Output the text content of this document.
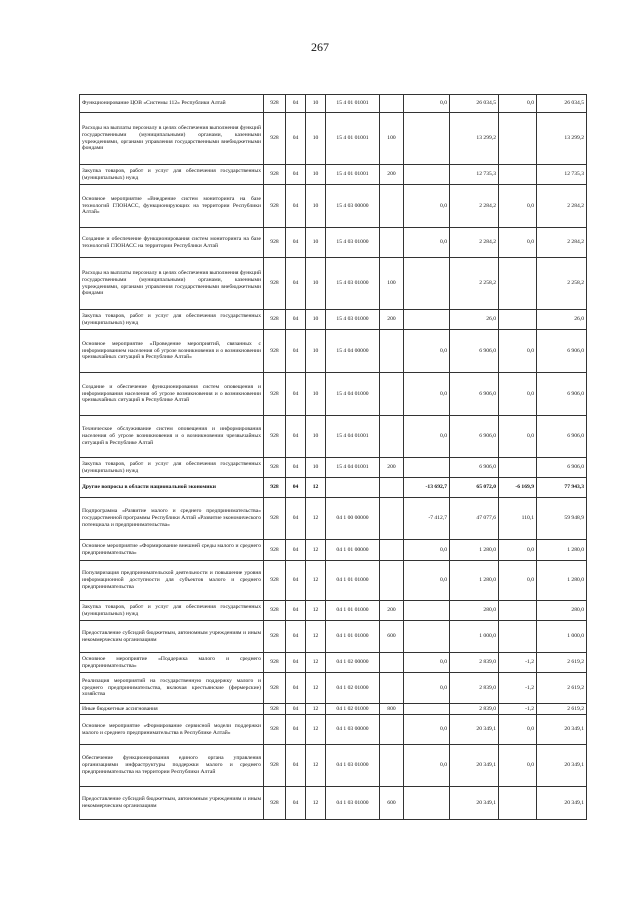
267
Функционирование ЦОВ «Системы 112» Республики Алтай	928	04	10	15 4 01 01001		0,0	26 034,5	0,0	26 034,5
Расходы на выплаты персоналу в целях обеспечения выполнения функций государственными (муниципальными) органами, казенными учреждениями, органами управления государственными внебюджетными фондами	928	04	10	15 4 01 01001	100		13 299,2		13 299,2
Закупка товаров, работ и услуг для обеспечения государственных (муниципальных) нужд	928	04	10	15 4 01 01001	200		12 735,3		12 735,3
Основное мероприятие «Внедрение систем мониторинга на базе технологий ГЛОНАСС, функционирующих на территории Республики Алтай»	928	04	10	15 4 03 00000		0,0	2 284,2	0,0	2 284,2
Создание и обеспечение функционирования систем мониторинга на базе технологий ГЛОНАСС на территории Республики Алтай	928	04	10	15 4 03 01000		0,0	2 284,2	0,0	2 284,2
Расходы на выплаты персоналу в целях обеспечения выполнения функций государственными (муниципальными) органами, казенными учреждениями, органами управления государственными внебюджетными фондами	928	04	10	15 4 03 01000	100		2 258,2		2 258,2
Закупка товаров, работ и услуг для обеспечения государственных (муниципальных) нужд	928	04	10	15 4 03 01000	200		26,0		26,0
Основное мероприятие «Проведение мероприятий, связанных с информированием населения об угрозе возникновения и о возникновении чрезвычайных ситуаций в Республике Алтай»	928	04	10	15 4 04 00000		0,0	6 906,0	0,0	6 906,0
Создание и обеспечение функционирования систем оповещения и информирования населения об угрозе возникновения и о возникновении чрезвычайных ситуаций в Республике Алтай	928	04	10	15 4 04 01000		0,0	6 906,0	0,0	6 906,0
Техническое обслуживание систем оповещения и информирования населения об угрозе возникновения и о возникновении чрезвычайных ситуаций в Республике Алтай	928	04	10	15 4 04 01001		0,0	6 906,0	0,0	6 906,0
Закупка товаров, работ и услуг для обеспечения государственных (муниципальных) нужд	928	04	10	15 4 04 01001	200		6 906,0		6 906,0
Другие вопросы в области национальной экономики	928	04	12			-13 692,7	65 072,0	-6 169,9	77 943,3
Подпрограмма «Развитие малого и среднего предпринимательства» государственной программы Республики Алтай «Развитие экономического потенциала и предпринимательства»	928	04	12	04 1 00 00000		-7 412,7	47 077,6	110,1	59 948,9
Основное мероприятие «Формирование внешней среды малого и среднего предпринимательства»	928	04	12	04 1 01 00000		0,0	1 280,0	0,0	1 280,0
Популяризация предпринимательской деятельности и повышение уровня информационной доступности для субъектов малого и среднего предпринимательства	928	04	12	04 1 01 01000		0,0	1 280,0	0,0	1 280,0
Закупка товаров, работ и услуг для обеспечения государственных (муниципальных) нужд	928	04	12	04 1 01 01000	200		280,0		280,0
Предоставление субсидий бюджетным, автономным учреждениям и иным некоммерческим организациям	928	04	12	04 1 01 01000	600		1 000,0		1 000,0
Основное мероприятие «Поддержка малого и среднего предпринимательства»	928	04	12	04 1 02 00000		0,0	2 839,0	-1,2	2 619,2
Реализация мероприятий на государственную поддержку малого и среднего предпринимательства, включая крестьянские (фермерские) хозяйства	928	04	12	04 1 02 01000		0,0	2 839,0	-1,2	2 619,2
Иные бюджетные ассигнования	928	04	12	04 1 02 01000	800		2 839,0	-1,2	2 619,2
Основное мероприятие «Формирование сервисной модели поддержки малого и среднего предпринимательства в Республике Алтай»	928	04	12	04 1 03 00000		0,0	20 349,1	0,0	20 349,1
Обеспечение функционирования единого органа управления организациями инфраструктуры поддержки малого и среднего предпринимательства на территории Республики Алтай	928	04	12	04 1 03 01000		0,0	20 349,1	0,0	20 349,1
Предоставление субсидий бюджетным, автономным учреждениям и иным некоммерческим организациям	928	04	12	04 1 03 01000	600		20 349,1		20 349,1
